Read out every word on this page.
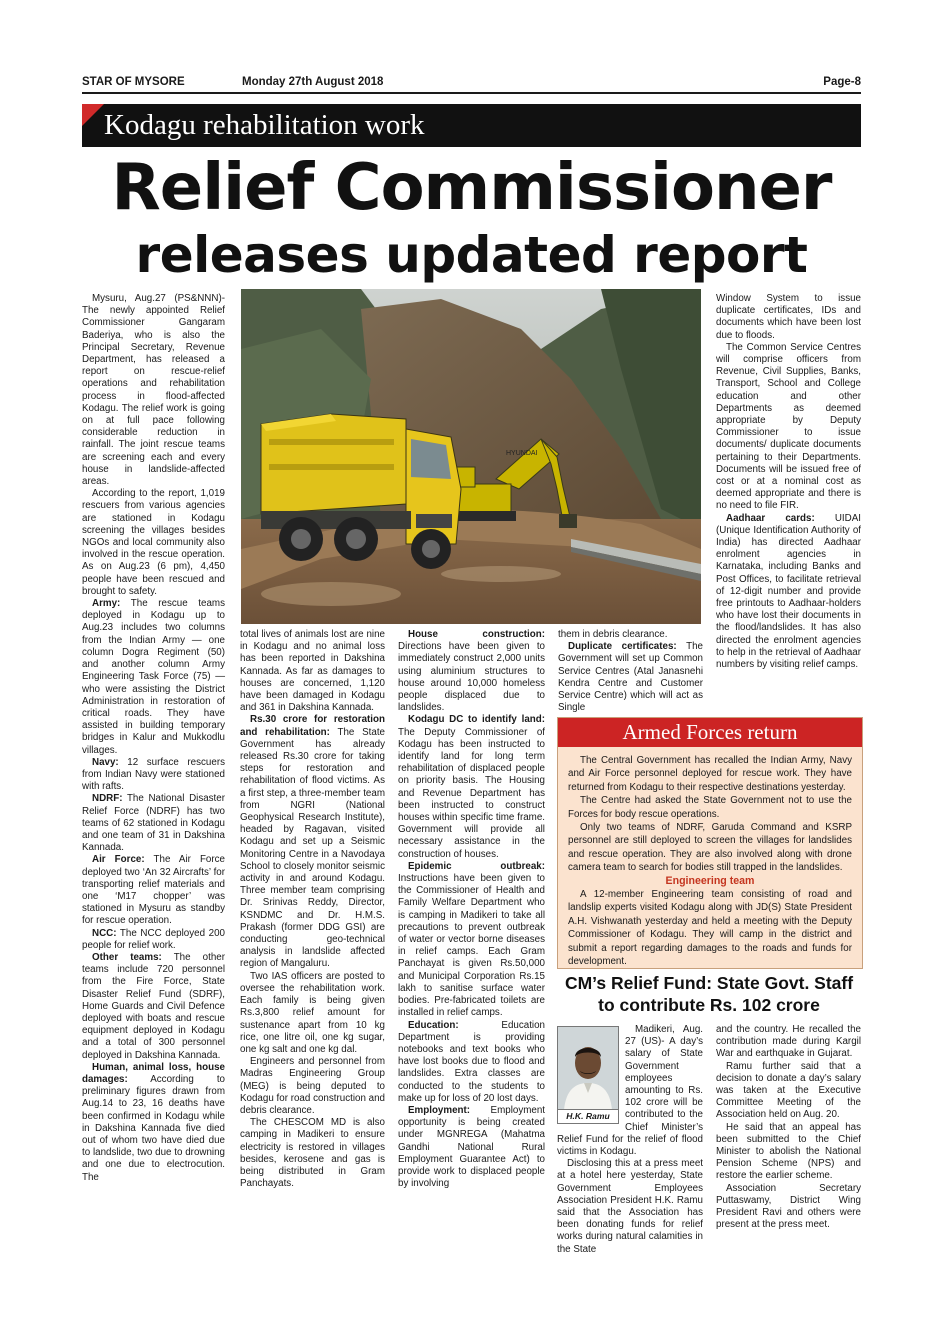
STAR OF MYSORE	Monday 27th August 2018	Page-8
Kodagu rehabilitation work
Relief Commissioner
releases updated report
HYUNDAI

Mysuru, Aug.27 (PS&NNN)- The newly appointed Relief Commissioner Gangaram Baderiya, who is also the Principal Secretary, Revenue Department, has released a report on rescue-relief operations and rehabilitation process in flood-affected Kodagu. The relief work is going on at full pace following considerable reduction in rainfall. The joint rescue teams are screening each and every house in landslide-affected areas.

According to the report, 1,019 rescuers from various agencies are stationed in Kodagu screening the villages besides NGOs and local community also involved in the rescue operation. As on Aug.23 (6 pm), 4,450 people have been rescued and brought to safety.

Army: The rescue teams deployed in Kodagu up to Aug.23 includes two columns from the Indian Army — one column Dogra Regiment (50) and another column Army Engineering Task Force (75) — who were assisting the District Administration in restoration of critical roads. They have assisted in building temporary bridges in Kalur and Mukkodlu villages.

Navy: 12 surface rescuers from Indian Navy were stationed with rafts.

NDRF: The National Disaster Relief Force (NDRF) has two teams of 62 stationed in Kodagu and one team of 31 in Dakshina Kannada.

Air Force: The Air Force deployed two ‘An 32 Aircrafts’ for transporting relief materials and one ‘M17 chopper’ was stationed in Mysuru as standby for rescue operation.

NCC: The NCC deployed 200 people for relief work.

Other teams: The other teams include 720 personnel from the Fire Force, State Disaster Relief Fund (SDRF), Home Guards and Civil Defence deployed with boats and rescue equipment deployed in Kodagu and a total of 300 personnel deployed in Dakshina Kannada.

Human, animal loss, house damages: According to preliminary figures drawn from Aug.14 to 23, 16 deaths have been confirmed in Kodagu while in Dakshina Kannada five died out of whom two have died due to landslide, two due to drowning and one due to electrocution. The

total lives of animals lost are nine in Kodagu and no animal loss has been reported in Dakshina Kannada. As far as damages to houses are concerned, 1,120 have been damaged in Kodagu and 361 in Dakshina Kannada.

Rs.30 crore for restoration and rehabilitation: The State Government has already released Rs.30 crore for taking steps for restoration and rehabilitation of flood victims. As a first step, a three-member team from NGRI (National Geophysical Research Institute), headed by Ragavan, visited Kodagu and set up a Seismic Monitoring Centre in a Navodaya School to closely monitor seismic activity in and around Kodagu. Three member team comprising Dr. Srinivas Reddy, Director, KSNDMC and Dr. H.M.S. Prakash (former DDG GSI) are conducting geo-technical analysis in landslide affected region of Mangaluru.

Two IAS officers are posted to oversee the rehabilitation work. Each family is being given Rs.3,800 relief amount for sustenance apart from 10 kg rice, one litre oil, one kg sugar, one kg salt and one kg dal.

Engineers and personnel from Madras Engineering Group (MEG) is being deputed to Kodagu for road construction and debris clearance.

The CHESCOM MD is also camping in Madikeri to ensure electricity is restored in villages besides, kerosene and gas is being distributed in Gram Panchayats.

House construction: Directions have been given to immediately construct 2,000 units using aluminium structures to house around 10,000 homeless people displaced due to landslides.

Kodagu DC to identify land: The Deputy Commissioner of Kodagu has been instructed to identify land for long term rehabilitation of displaced people on priority basis. The Housing and Revenue Department has been instructed to construct houses within specific time frame. Government will provide all necessary assistance in the construction of houses.

Epidemic outbreak: Instructions have been given to the Commissioner of Health and Family Welfare Department who is camping in Madikeri to take all precautions to prevent outbreak of water or vector borne diseases in relief camps. Each Gram Panchayat is given Rs.50,000 and Municipal Corporation Rs.15 lakh to sanitise surface water bodies. Pre-fabricated toilets are installed in relief camps.

Education: Education Department is providing notebooks and text books who have lost books due to flood and landslides. Extra classes are conducted to the students to make up for loss of 20 lost days.

Employment: Employment opportunity is being created under MGNREGA (Mahatma Gandhi National Rural Employment Guarantee Act) to provide work to displaced people by involving

them in debris clearance.

Duplicate certificates: The Government will set up Common Service Centres (Atal Janasnehi Kendra Centre and Customer Service Centre) which will act as Single

Window System to issue duplicate certificates, IDs and documents which have been lost due to floods.

The Common Service Centres will comprise officers from Revenue, Civil Supplies, Banks, Transport, School and College education and other Departments as deemed appropriate by Deputy Commissioner to issue documents/ duplicate documents pertaining to their Departments. Documents will be issued free of cost or at a nominal cost as deemed appropriate and there is no need to file FIR.

Aadhaar cards: UIDAI (Unique Identification Authority of India) has directed Aadhaar enrolment agencies in Karnataka, including Banks and Post Offices, to facilitate retrieval of 12-digit number and provide free printouts to Aadhaar-holders who have lost their documents in the flood/landslides. It has also directed the enrolment agencies to help in the retrieval of Aadhaar numbers by visiting relief camps.

Armed Forces return

The Central Government has recalled the Indian Army, Navy and Air Force personnel deployed for rescue work. They have returned from Kodagu to their respective destinations yesterday.

The Centre had asked the State Government not to use the Forces for body rescue operations.

Only two teams of NDRF, Garuda Command and KSRP personnel are still deployed to screen the villages for landslides and rescue operation. They are also involved along with drone camera team to search for bodies still trapped in the landslides.

Engineering team

A 12-member Engineering team consisting of road and landslip experts visited Kodagu along with JD(S) State President A.H. Vishwanath yesterday and held a meeting with the Deputy Commissioner of Kodagu. They will camp in the district and submit a report regarding damages to the roads and funds for development.

CM’s Relief Fund: State Govt. Staff
to contribute Rs. 102 crore
H.K. Ramu

Madikeri, Aug. 27 (US)- A day’s salary of State Government employees amounting to Rs. 102 crore will be contributed to the Chief Minister’s Relief Fund for the relief of flood victims in Kodagu.

Disclosing this at a press meet at a hotel here yesterday, State Government Employees Association President H.K. Ramu said that the Association has been donating funds for relief works during natural calamities in the State

and the country. He recalled the contribution made during Kargil War and earthquake in Gujarat.

Ramu further said that a decision to donate a day’s salary was taken at the Executive Committee Meeting of the Association held on Aug. 20.

He said that an appeal has been submitted to the Chief Minister to abolish the National Pension Scheme (NPS) and restore the earlier scheme.

Association Secretary Puttaswamy, District Wing President Ravi and others were present at the press meet.
